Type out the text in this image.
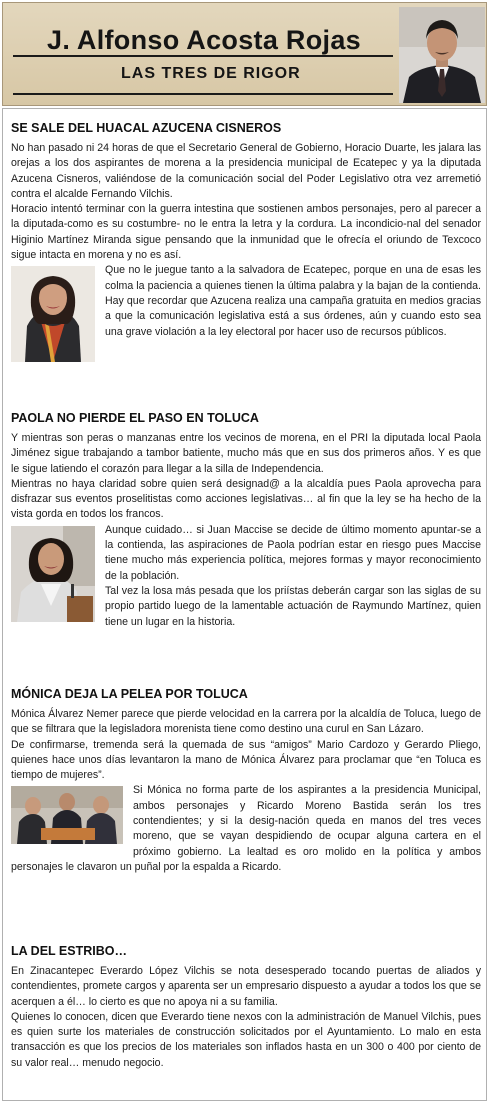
J. Alfonso Acosta Rojas
LAS TRES DE RIGOR
SE SALE DEL HUACAL AZUCENA CISNEROS

No han pasado ni 24 horas de que el Secretario General de Gobierno, Horacio Duarte, les jalara las orejas a los dos aspirantes de morena a la presidencia municipal de Ecatepec y ya la diputada Azucena Cisneros, valiéndose de la comunicación social del Poder Legislativo otra vez arremetió contra el alcalde Fernando Vilchis.

Horacio intentó terminar con la guerra intestina que sostienen ambos personajes, pero al parecer a la diputada-como es su costumbre- no le entra la letra y la cordura. La incondicio-nal del senador Higinio Martínez Miranda sigue pensando que la inmunidad que le ofrecía el oriundo de Texcoco sigue intacta en morena y no es así.

Que no le juegue tanto a la salvadora de Ecatepec, porque en una de esas les colma la paciencia a quienes tienen la última palabra y la bajan de la contienda. Hay que recordar que Azucena realiza una campaña gratuita en medios gracias a que la comunicación legislativa está a sus órdenes, aún y cuando esto sea una grave violación a la ley electoral por hacer uso de recursos públicos.

PAOLA NO PIERDE EL PASO EN TOLUCA

Y mientras son peras o manzanas entre los vecinos de morena, en el PRI la diputada local Paola Jiménez sigue trabajando a tambor batiente, mucho más que en sus dos primeros años. Y es que le sigue latiendo el corazón para llegar a la silla de Independencia.

Mientras no haya claridad sobre quien será designad@ a la alcaldía pues Paola aprovecha para disfrazar sus eventos proselitistas como acciones legislativas… al fin que la ley se ha hecho de la vista gorda en todos los francos.

Aunque cuidado… si Juan Maccise se decide de último momento apuntar-se a la contienda, las aspiraciones de Paola podrían estar en riesgo pues Maccise tiene mucho más experiencia política, mejores formas y mayor reconocimiento de la población.

Tal vez la losa más pesada que los priístas deberán cargar son las siglas de su propio partido luego de la lamentable actuación de Raymundo Martínez, quien tiene un lugar en la historia.

MÓNICA DEJA LA PELEA POR TOLUCA

Mónica Álvarez Nemer parece que pierde velocidad en la carrera por la alcaldía de Toluca, luego de que se filtrara que la legisladora morenista tiene como destino una curul en San Lázaro.

De confirmarse, tremenda será la quemada de sus “amigos” Mario Cardozo y Gerardo Pliego, quienes hace unos días levantaron la mano de Mónica Álvarez para proclamar que “en Toluca es tiempo de mujeres”.

Si Mónica no forma parte de los aspirantes a la presidencia Municipal, ambos personajes y Ricardo Moreno Bastida serán los tres contendientes; y si la desig-nación queda en manos del tres veces moreno, que se vayan despidiendo de ocupar alguna cartera en el próximo gobierno. La lealtad es oro molido en la política y ambos personajes le clavaron un puñal por la espalda a Ricardo.

LA DEL ESTRIBO…

En Zinacantepec Everardo López Vilchis se nota desesperado tocando puertas de aliados y contendientes, promete cargos y aparenta ser un empresario dispuesto a ayudar a todos los que se acerquen a él… lo cierto es que no apoya ni a su familia.

Quienes lo conocen, dicen que Everardo tiene nexos con la administración de Manuel Vilchis, pues es quien surte los materiales de construcción solicitados por el Ayuntamiento. Lo malo en esta transacción es que los precios de los materiales son inflados hasta en un 300 o 400 por ciento de su valor real… menudo negocio.
